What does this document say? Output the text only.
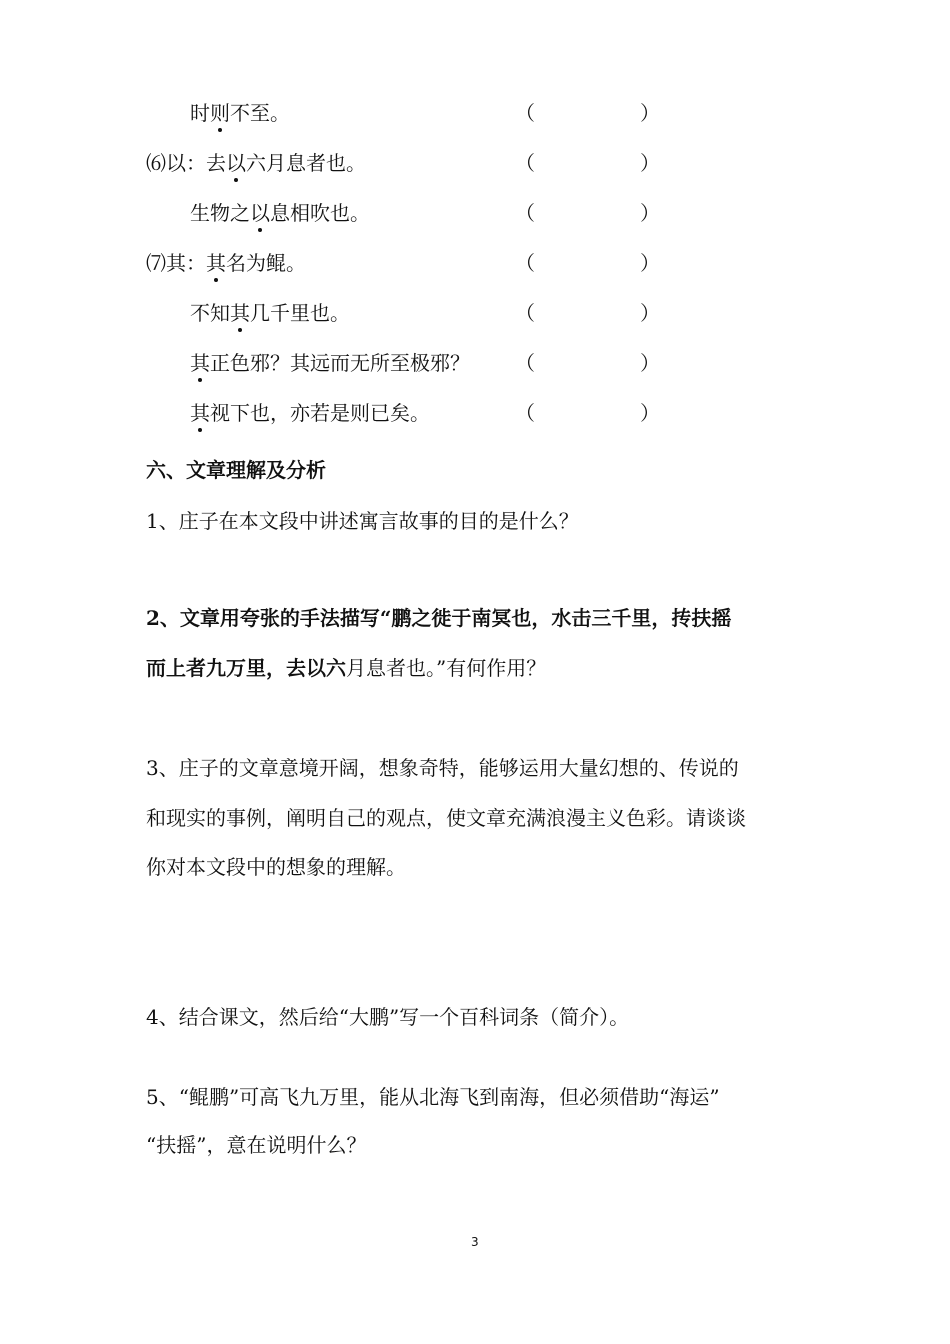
时则不至。	（	）
⑹以：去以六月息者也。	（	）
生物之以息相吹也。	（	）
⑺其：其名为鲲。	（	）
不知其几千里也。	（	）
其正色邪？其远而无所至极邪？ （	）
其视下也，亦若是则已矣。	（	）
六、文章理解及分析
1、庄子在本文段中讲述寓言故事的目的是什么？
2、文章用夸张的手法描写“鹏之徙于南冥也，水击三千里，抟扶摇
而上者九万里，去以六月息者也。”有何作用？
3、庄子的文章意境开阔，想象奇特，能够运用大量幻想的、传说的
和现实的事例，阐明自己的观点，使文章充满浪漫主义色彩。请谈谈
你对本文段中的想象的理解。
4、结合课文，然后给“大鹏”写一个百科词条（简介）。
5、“鲲鹏”可高飞九万里，能从北海飞到南海，但必须借助“海运”
“扶摇”，意在说明什么？
3
